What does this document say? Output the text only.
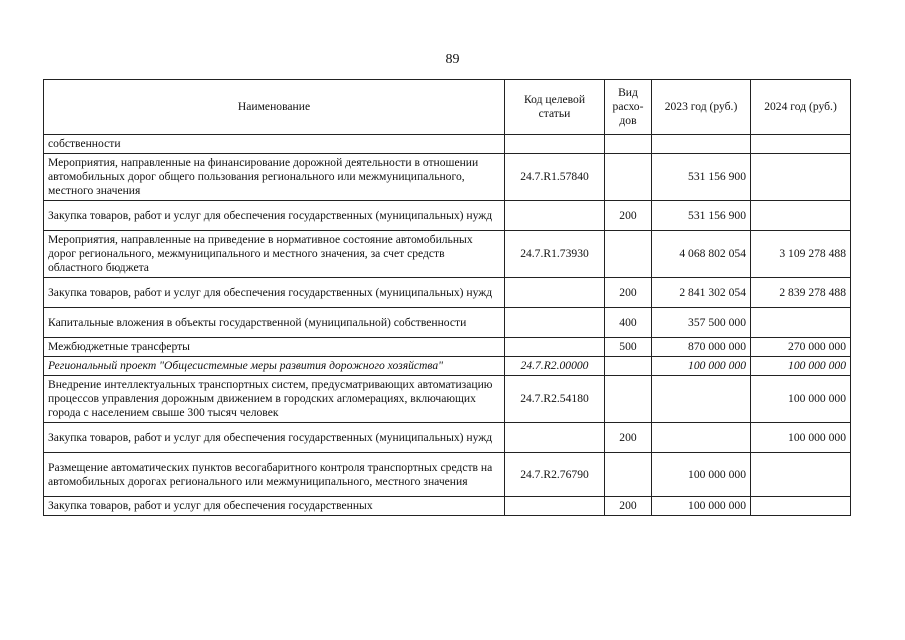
89
Наименование	Код целевой статьи	Вид расхо-дов	2023 год (руб.)	2024 год (руб.)
собственности				
Мероприятия, направленные на финансирование дорожной деятельности в отношении автомобильных дорог общего пользования регионального или межмуниципального, местного значения	24.7.R1.57840		531 156 900	
Закупка товаров, работ и услуг для обеспечения государственных (муниципальных) нужд		200	531 156 900	
Мероприятия, направленные на приведение в нормативное состояние автомобильных дорог регионального, межмуниципального и местного значения, за счет средств областного бюджета	24.7.R1.73930		4 068 802 054	3 109 278 488
Закупка товаров, работ и услуг для обеспечения государственных (муниципальных) нужд		200	2 841 302 054	2 839 278 488
Капитальные вложения в объекты государственной (муниципальной) собственности		400	357 500 000	
Межбюджетные трансферты		500	870 000 000	270 000 000
Региональный проект "Общесистемные меры развития дорожного хозяйства"	24.7.R2.00000		100 000 000	100 000 000
Внедрение интеллектуальных транспортных систем, предусматривающих автоматизацию процессов управления дорожным движением в городских агломерациях, включающих города с населением свыше 300 тысяч человек	24.7.R2.54180			100 000 000
Закупка товаров, работ и услуг для обеспечения государственных (муниципальных) нужд		200		100 000 000
Размещение автоматических пунктов весогабаритного контроля транспортных средств на автомобильных дорогах регионального или межмуниципального, местного значения	24.7.R2.76790		100 000 000	
Закупка товаров, работ и услуг для обеспечения государственных		200	100 000 000	
